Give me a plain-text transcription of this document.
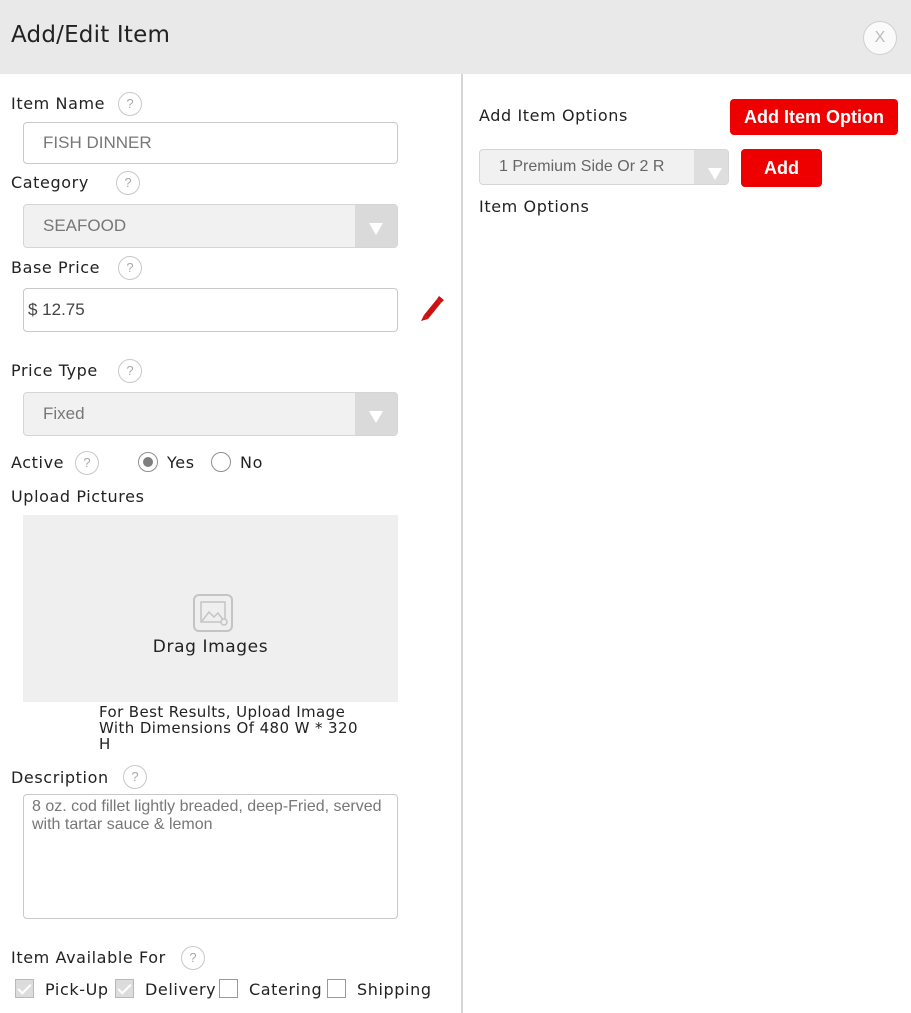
Add/Edit Item	X
Item Name	?
FISH DINNER
Category	?
SEAFOOD
Base Price	?
$ 12.75
Price Type	?
Fixed
Active	?	Yes	No
Upload Pictures
Drag Images
For Best Results, Upload Image With Dimensions Of 480 W * 320 H
Description	?
8 oz. cod fillet lightly breaded, deep-Fried, served with tartar sauce & lemon
Item Available For	?
Pick-Up Delivery Catering Shipping
Add Item Options	Add Item Option
1 Premium Side Or 2 R	Add
Item Options
